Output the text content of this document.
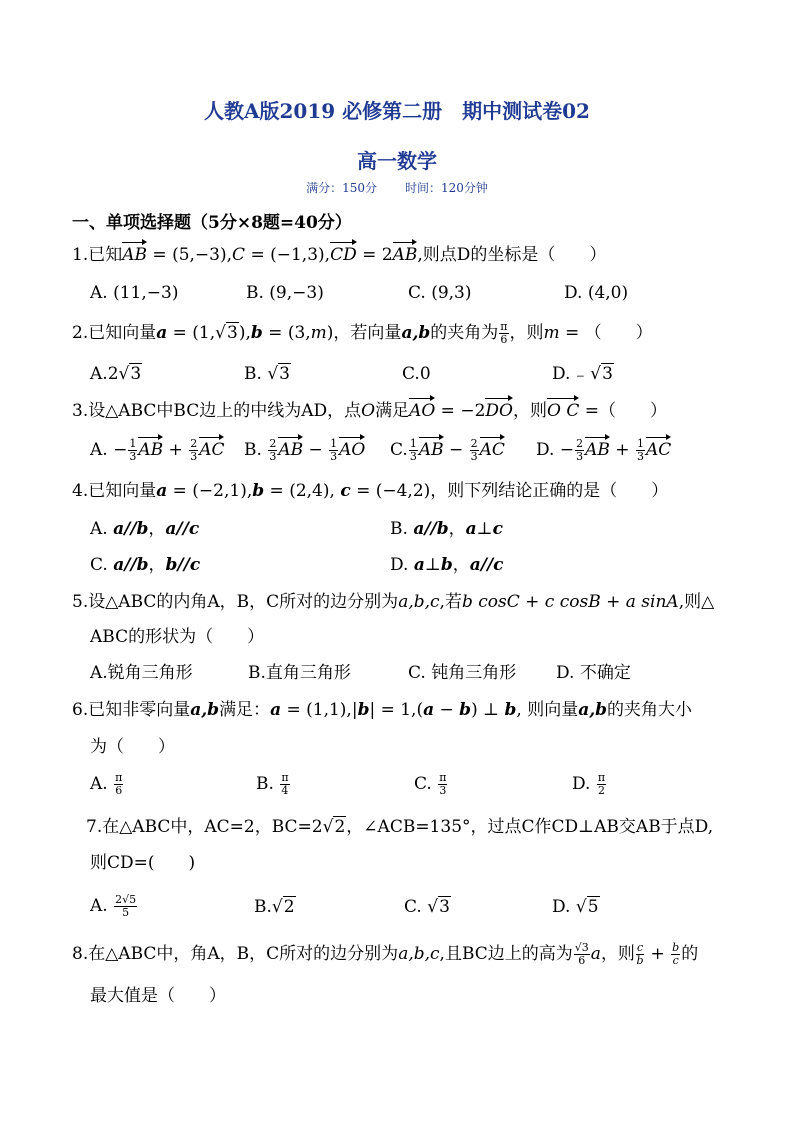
人教A版2019 必修第二册　期中测试卷02
高一数学
满分：150分 时间：120分钟
一、单项选择题（5分×8题=40分）
1.已知AB = (5,−3),C = (−1,3),CD = 2AB,则点D的坐标是（　　）
A. (11,−3)	B. (9,−3)	C. (9,3)	D. (4,0)
2.已知向量a = (1,√3),b = (3,m)，若向量a,b的夹角为 $\frac{\pi}{6}$ ，则m = （　　）
A.2√3	B. √3	C.0	D. ₋ √3
3.设△ABC中BC边上的中线为AD，点O满足AO = −2DO，则O C =（　　）
A. − $\frac{1}{3}$ AB + $\frac{2}{3}$ AC B. $\frac{2}{3}$ AB − $\frac{1}{3}$ AO C. $\frac{1}{3}$ AB − $\frac{2}{3}$ AC D. − $\frac{2}{3}$ AB + $\frac{1}{3}$ AC
4.已知向量a = (−2,1),b = (2,4), c = (−4,2)，则下列结论正确的是（　　）
A. a//b，a//c	B. a//b，a⊥c
C. a//b，b//c	D. a⊥b，a//c
5.设△ABC的内角A，B，C所对的边分别为a,b,c,若b cosC + c cosB + a sinA,则△
ABC的形状为（　　）
A.锐角三角形	B.直角三角形	C. 钝角三角形 D. 不确定
6.已知非零向量a,b满足：a = (1,1),|b| = 1,(a − b) ⊥ b, 则向量a,b的夹角大小
为（　　）
A. $\frac{\pi}{6}$	B. $\frac{\pi}{4}$	C. $\frac{\pi}{3}$	D. $\frac{\pi}{2}$
7.在△ABC中，AC=2，BC=2√2，∠ACB=135°，过点C作CD⊥AB交AB于点D,
则CD=(　　)
A. $\frac{2√5}{5}$	B.√2	C. √3	D. √5
8.在△ABC中，角A，B，C所对的边分别为a,b,c,且BC边上的高为 $\frac{√3}{6}$ a，则 $\frac{c}{b} + \frac{b}{c}$ 的
最大值是（　　）
